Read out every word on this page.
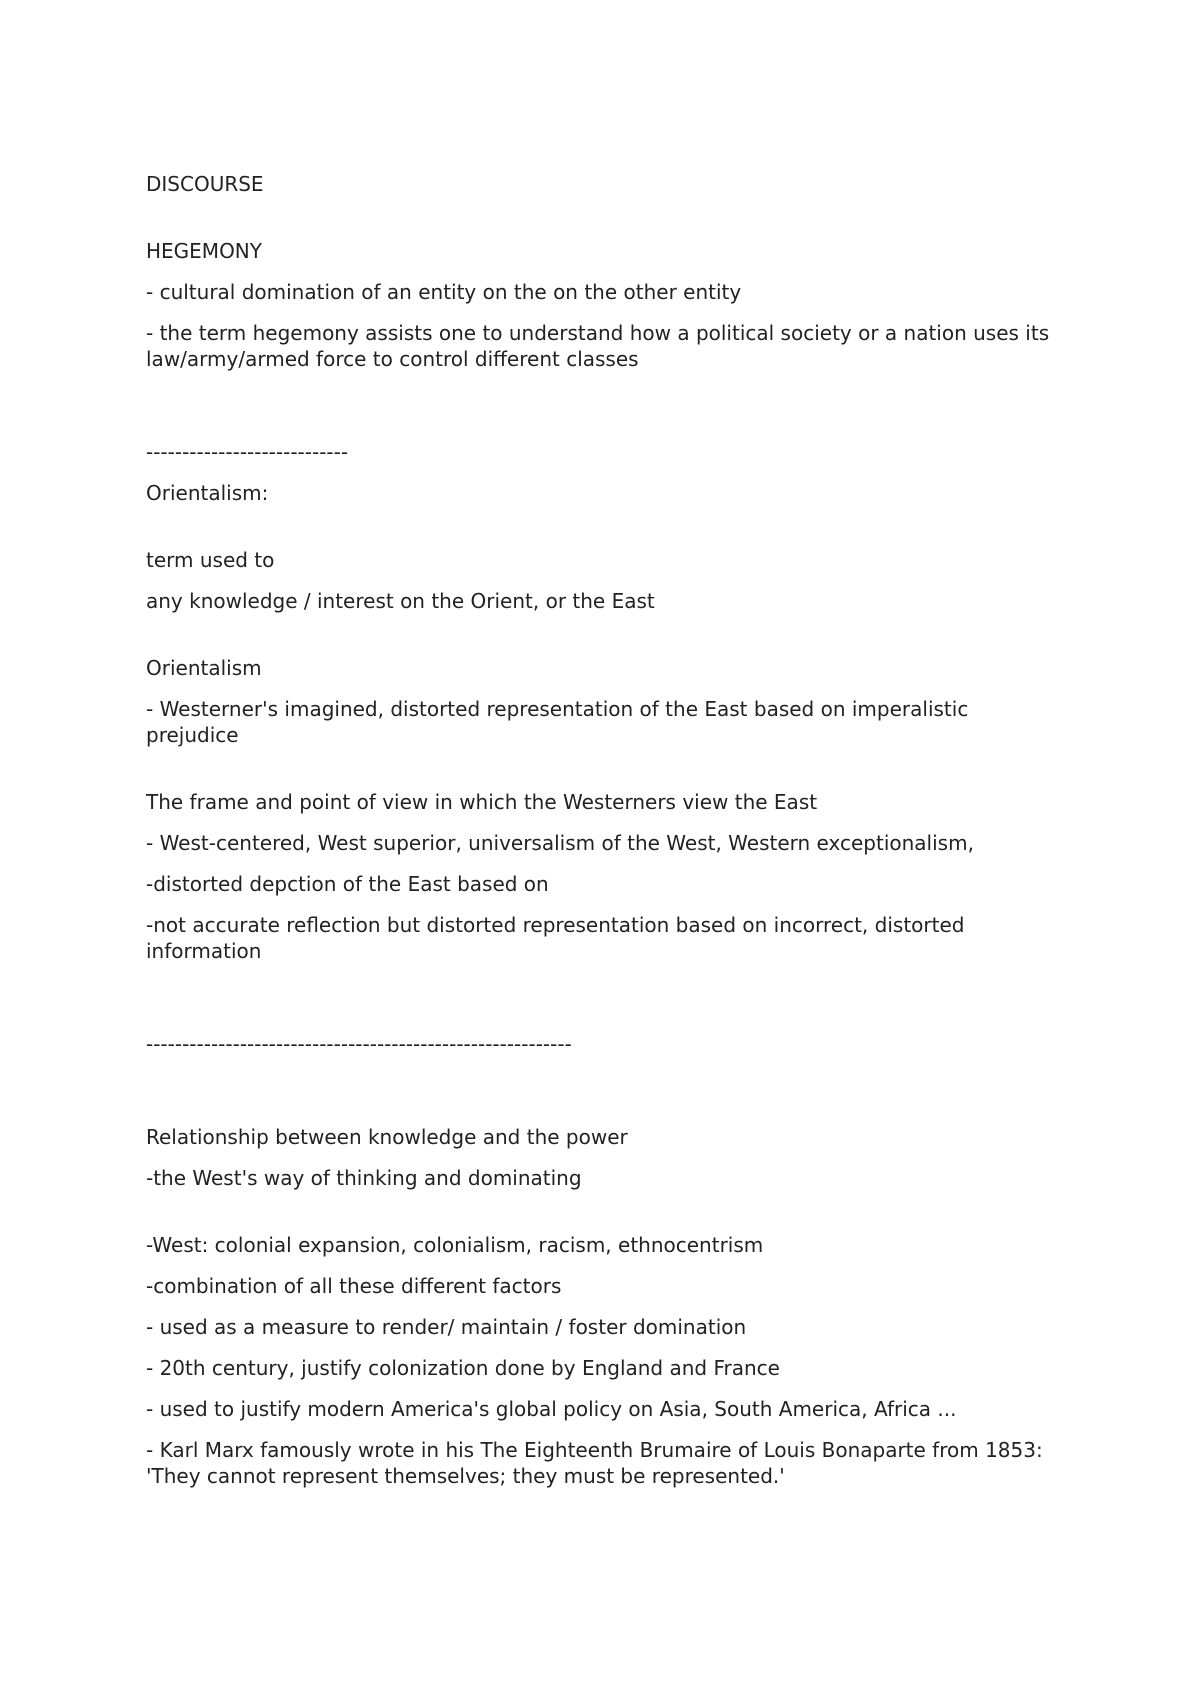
DISCOURSE

HEGEMONY

- cultural domination of an entity on the on the other entity

- the term hegemony assists one to understand how a political society or a nation uses its law/army/armed force to control different classes

----------------------------

Orientalism:

term used to

any knowledge / interest on the Orient, or the East

Orientalism

- Westerner's imagined, distorted representation of the East based on imperalistic prejudice

The frame and point of view in which the Westerners view the East

- West-centered, West superior, universalism of the West, Western exceptionalism,

-distorted depction of the East based on

-not accurate reflection but distorted representation based on incorrect, distorted information

-----------------------------------------------------------

Relationship between knowledge and the power

-the West's way of thinking and dominating

-West: colonial expansion, colonialism, racism, ethnocentrism

-combination of all these different factors

- used as a measure to render/ maintain / foster domination

- 20th century, justify colonization done by England and France

- used to justify modern America's global policy on Asia, South America, Africa ...

- Karl Marx famously wrote in his The Eighteenth Brumaire of Louis Bonaparte from 1853: 'They cannot represent themselves; they must be represented.'
